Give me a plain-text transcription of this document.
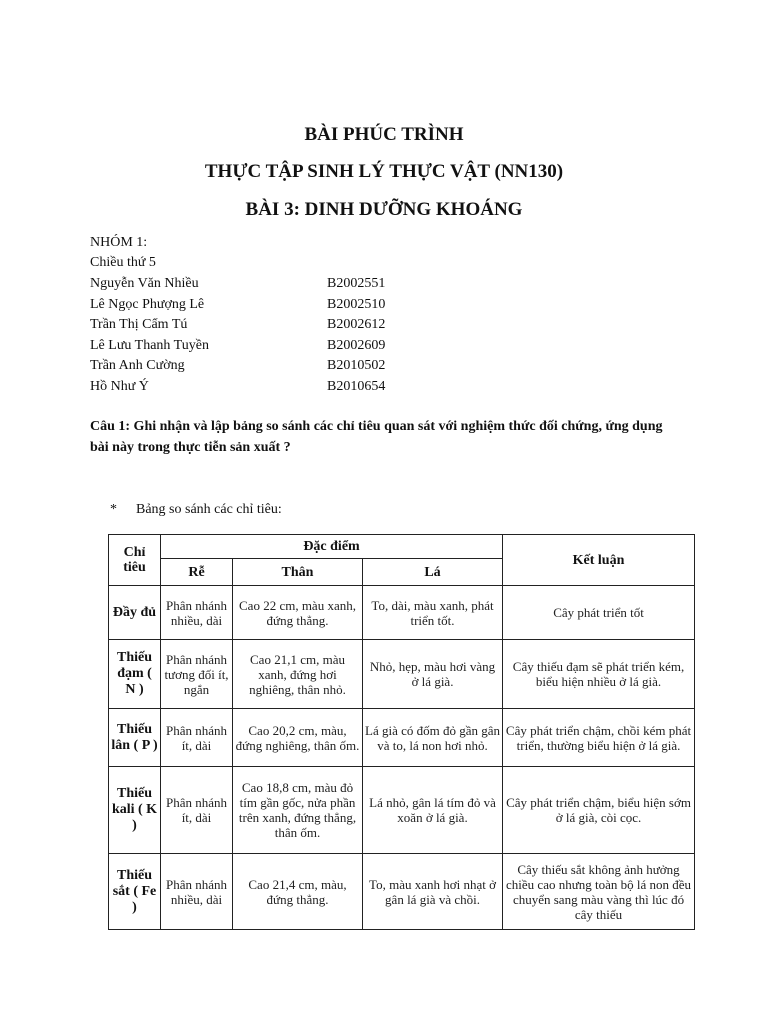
BÀI PHÚC TRÌNH
THỰC TẬP SINH LÝ THỰC VẬT (NN130)
BÀI 3: DINH DƯỠNG KHOÁNG
NHÓM 1:
Chiều thứ 5
Nguyễn Văn Nhiều	B2002551
Lê Ngọc Phượng Lê	B2002510
Trần Thị Cẩm Tú	B2002612
Lê Lưu Thanh Tuyền	B2002609
Trần Anh Cường	B2010502
Hồ Như Ý	B2010654
Câu 1: Ghi nhận và lập bảng so sánh các chỉ tiêu quan sát với nghiệm thức đối chứng, ứng dụng bài này trong thực tiễn sản xuất ?
* Bảng so sánh các chỉ tiêu:
Chỉ tiêu	Đặc điểm			Kết luận
	Rễ	Thân	Lá	
Đầy đủ	Phân nhánh nhiều, dài	Cao 22 cm, màu xanh, đứng thẳng.	To, dài, màu xanh, phát triển tốt.	Cây phát triển tốt
Thiếu đạm ( N )	Phân nhánh tương đối ít, ngắn	Cao 21,1 cm, màu xanh, đứng hơi nghiêng, thân nhỏ.	Nhỏ, hẹp, màu hơi vàng ở lá già.	Cây thiếu đạm sẽ phát triển kém, biểu hiện nhiều ở lá già.
Thiếu lân ( P )	Phân nhánh ít, dài	Cao 20,2 cm, màu, đứng nghiêng, thân ốm.	Lá già có đốm đỏ gần gân và to, lá non hơi nhỏ.	Cây phát triển chậm, chồi kém phát triển, thường biểu hiện ở lá già.
Thiếu kali ( K )	Phân nhánh ít, dài	Cao 18,8 cm, màu đỏ tím gần gốc, nửa phần trên xanh, đứng thẳng, thân ốm.	Lá nhỏ, gân lá tím đỏ và xoăn ở lá già.	Cây phát triển chậm, biểu hiện sớm ở lá già, còi cọc.
Thiếu sắt ( Fe )	Phân nhánh nhiều, dài	Cao 21,4 cm, màu, đứng thẳng.	To, màu xanh hơi nhạt ở gân lá già và chồi.	Cây thiếu sắt không ảnh hưởng chiều cao nhưng toàn bộ lá non đều chuyển sang màu vàng thì lúc đó cây thiếu
